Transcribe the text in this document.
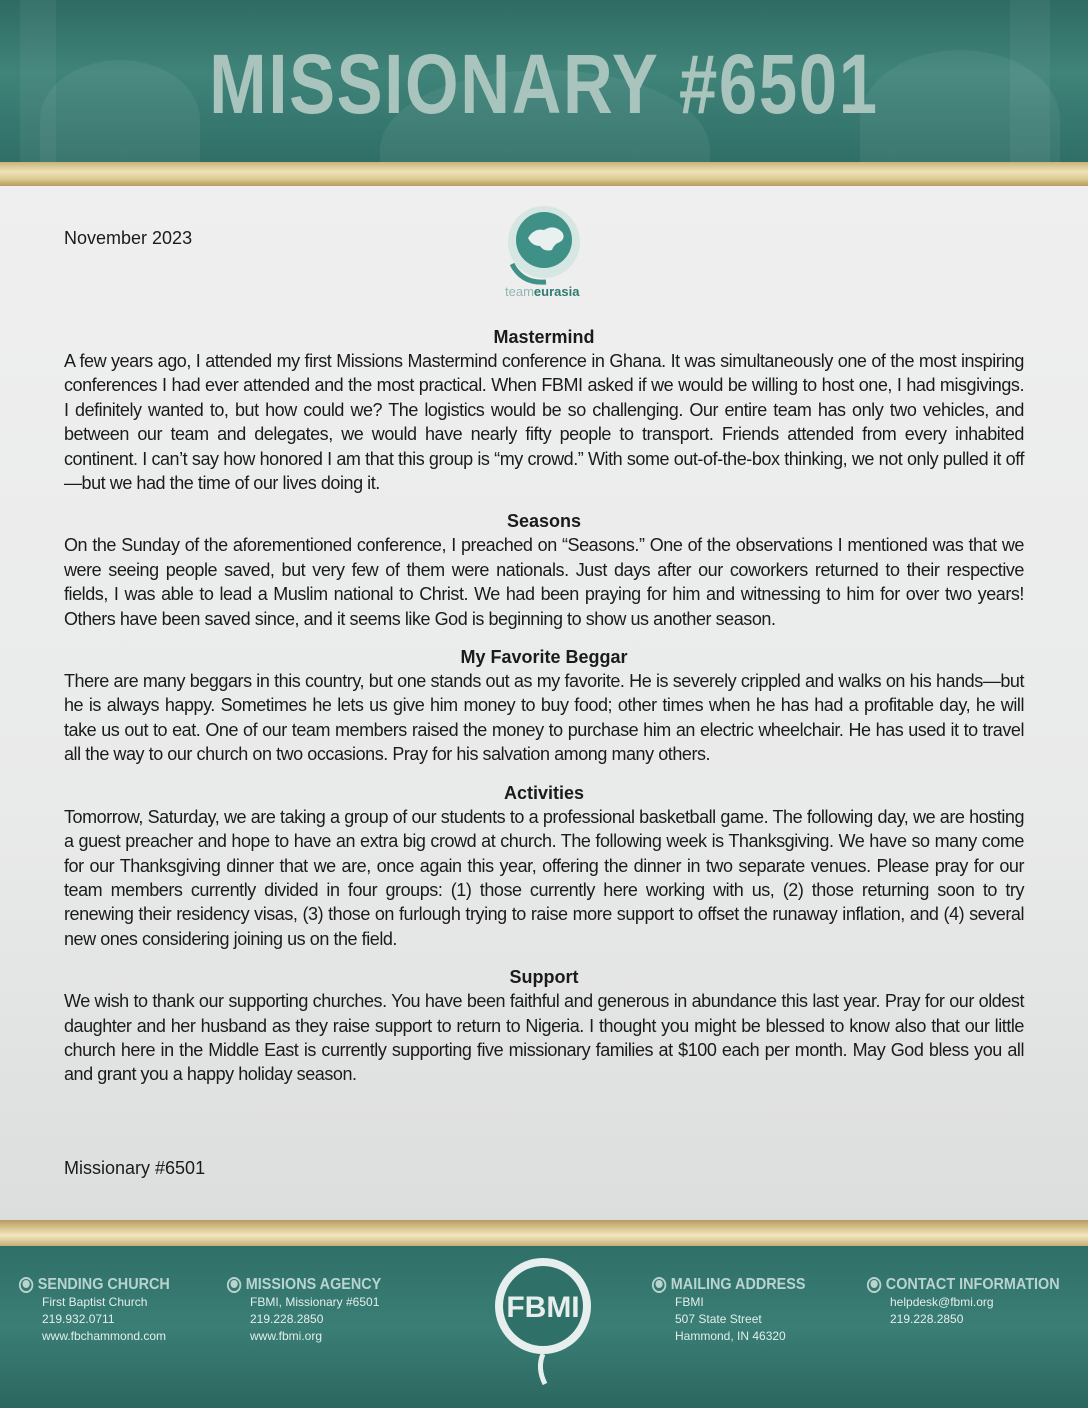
MISSIONARY #6501
November 2023
teameurasia
Mastermind

A few years ago, I attended my first Missions Mastermind conference in Ghana. It was simultaneously one of the most inspiring conferences I had ever attended and the most practical. When FBMI asked if we would be willing to host one, I had misgivings. I definitely wanted to, but how could we? The logistics would be so challenging. Our entire team has only two vehicles, and between our team and delegates, we would have nearly fifty people to transport. Friends attended from every inhabited continent. I can’t say how honored I am that this group is “my crowd.” With some out-of-the-box thinking, we not only pulled it off—but we had the time of our lives doing it.

Seasons

On the Sunday of the aforementioned conference, I preached on “Seasons.” One of the observations I mentioned was that we were seeing people saved, but very few of them were nationals. Just days after our coworkers returned to their respective fields, I was able to lead a Muslim national to Christ. We had been praying for him and witnessing to him for over two years! Others have been saved since, and it seems like God is beginning to show us another season.

My Favorite Beggar

There are many beggars in this country, but one stands out as my favorite. He is severely crippled and walks on his hands—but he is always happy. Sometimes he lets us give him money to buy food; other times when he has had a profitable day, he will take us out to eat. One of our team members raised the money to purchase him an electric wheelchair. He has used it to travel all the way to our church on two occasions. Pray for his salvation among many others.

Activities

Tomorrow, Saturday, we are taking a group of our students to a professional basketball game. The following day, we are hosting a guest preacher and hope to have an extra big crowd at church. The following week is Thanksgiving. We have so many come for our Thanksgiving dinner that we are, once again this year, offering the dinner in two separate venues. Please pray for our team members currently divided in four groups: (1) those currently here working with us, (2) those returning soon to try renewing their residency visas, (3) those on furlough trying to raise more support to offset the runaway inflation, and (4) several new ones considering joining us on the field.

Support

We wish to thank our supporting churches. You have been faithful and generous in abundance this last year. Pray for our oldest daughter and her husband as they raise support to return to Nigeria. I thought you might be blessed to know also that our little church here in the Middle East is currently supporting five missionary families at $100 each per month. May God bless you all and grant you a happy holiday season.

Missionary #6501
SENDING CHURCH
First Baptist Church
219.932.0711
www.fbchammond.com
MISSIONS AGENCY
FBMI, Missionary #6501
219.228.2850
www.fbmi.org
FBMI
MAILING ADDRESS
FBMI
507 State Street
Hammond, IN 46320
CONTACT INFORMATION
helpdesk@fbmi.org
219.228.2850
